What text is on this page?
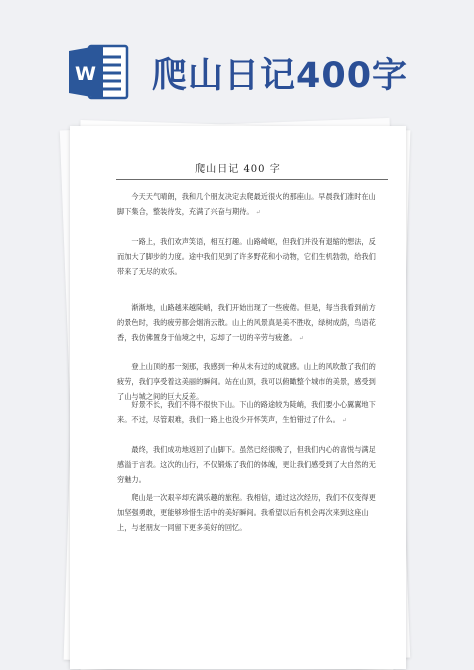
W 爬山日记400字
爬山日记 400 字

今天天气晴朗，我和几个朋友决定去爬最近很火的那座山。早晨我们准时在山脚下集合，整装待发，充满了兴奋与期待。 ↵

一路上，我们欢声笑语，相互打趣。山路崎岖，但我们并没有退缩的想法，反而加大了脚步的力度。途中我们见到了许多野花和小动物，它们生机勃勃，给我们带来了无尽的欢乐。

渐渐地，山路越来越陡峭，我们开始出现了一些疲倦。但是，每当我看到前方的景色时，我的疲劳都会烟消云散。山上的风景真是美不胜收，绿树成荫，鸟语花香，我仿佛置身于仙境之中，忘却了一切的辛劳与疲惫。 ↵

登上山顶的那一刻那，我感到一种从未有过的成就感。山上的风吹散了我们的疲劳，我们享受着这美丽的瞬间。站在山顶，我可以俯瞰整个城市的美景，感受到了山与城之间的巨大反差。

好景不长，我们不得不很快下山。下山的路途较为陡峭，我们要小心翼翼地下来。不过，尽管艰难，我们一路上也没少开怀笑声，生怕错过了什么。 ↵

最终，我们成功地返回了山脚下。虽然已经很晚了，但我们内心的喜悦与满足感溢于言表。这次的山行，不仅锻炼了我们的体魄，更让我们感受到了大自然的无穷魅力。

爬山是一次艰辛却充满乐趣的旅程。我相信，通过这次经历，我们不仅变得更加坚强勇敢，更能够珍惜生活中的美好瞬间。我希望以后有机会再次来到这座山上，与老朋友一同留下更多美好的回忆。
